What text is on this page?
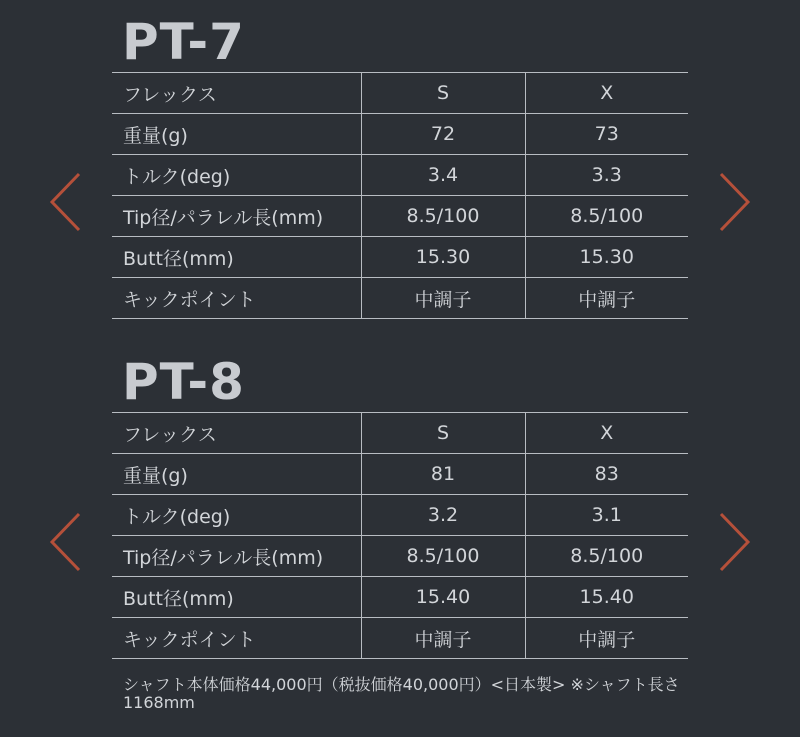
PT-7
フレックス	S	X
重量(g)	72	73
トルク(deg)	3.4	3.3
Tip径/パラレル長(mm)	8.5/100	8.5/100
Butt径(mm)	15.30	15.30
キックポイント	中調子	中調子
PT-8
フレックス	S	X
重量(g)	81	83
トルク(deg)	3.2	3.1
Tip径/パラレル長(mm)	8.5/100	8.5/100
Butt径(mm)	15.40	15.40
キックポイント	中調子	中調子
シャフト本体価格44,000円（税抜価格40,000円）<日本製> ※シャフト長さ1168mm
